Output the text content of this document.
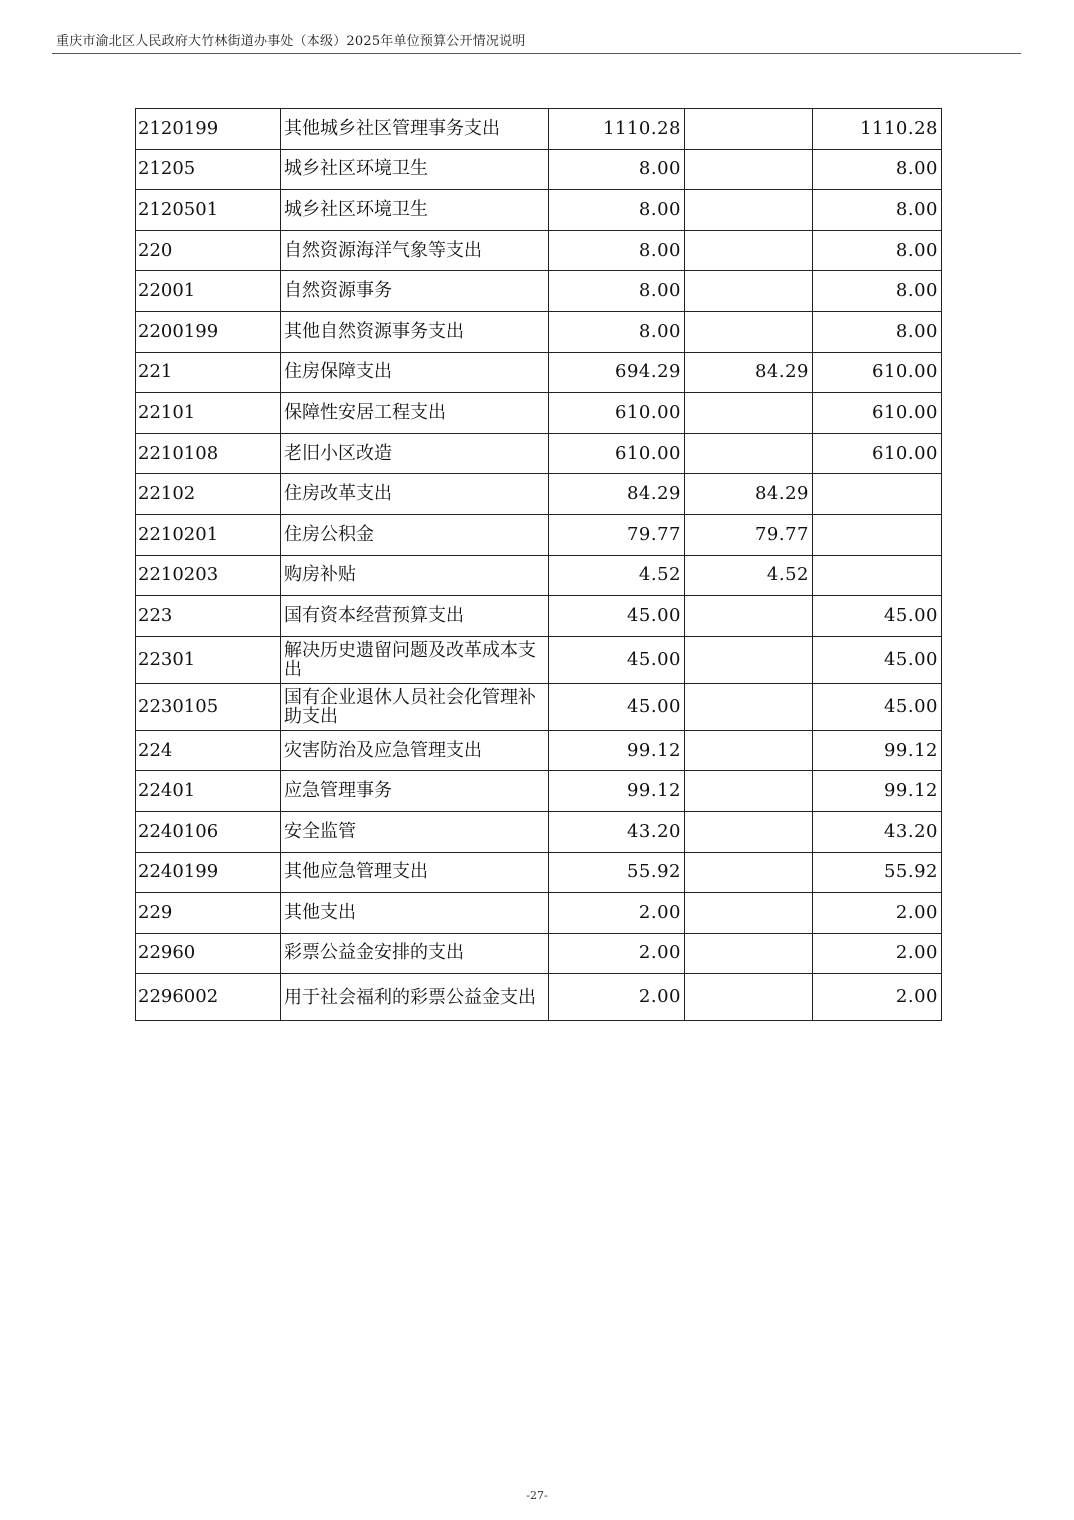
重庆市渝北区人民政府大竹林街道办事处（本级）2025年单位预算公开情况说明
2120199	其他城乡社区管理事务支出	1110.28		1110.28
21205	城乡社区环境卫生	8.00		8.00
2120501	城乡社区环境卫生	8.00		8.00
220	自然资源海洋气象等支出	8.00		8.00
22001	自然资源事务	8.00		8.00
2200199	其他自然资源事务支出	8.00		8.00
221	住房保障支出	694.29	84.29	610.00
22101	保障性安居工程支出	610.00		610.00
2210108	老旧小区改造	610.00		610.00
22102	住房改革支出	84.29	84.29	
2210201	住房公积金	79.77	79.77	
2210203	购房补贴	4.52	4.52	
223	国有资本经营预算支出	45.00		45.00
22301	解决历史遗留问题及改革成本支出	45.00		45.00
2230105	国有企业退休人员社会化管理补助支出	45.00		45.00
224	灾害防治及应急管理支出	99.12		99.12
22401	应急管理事务	99.12		99.12
2240106	安全监管	43.20		43.20
2240199	其他应急管理支出	55.92		55.92
229	其他支出	2.00		2.00
22960	彩票公益金安排的支出	2.00		2.00
2296002	用于社会福利的彩票公益金支出	2.00		2.00
-27-
